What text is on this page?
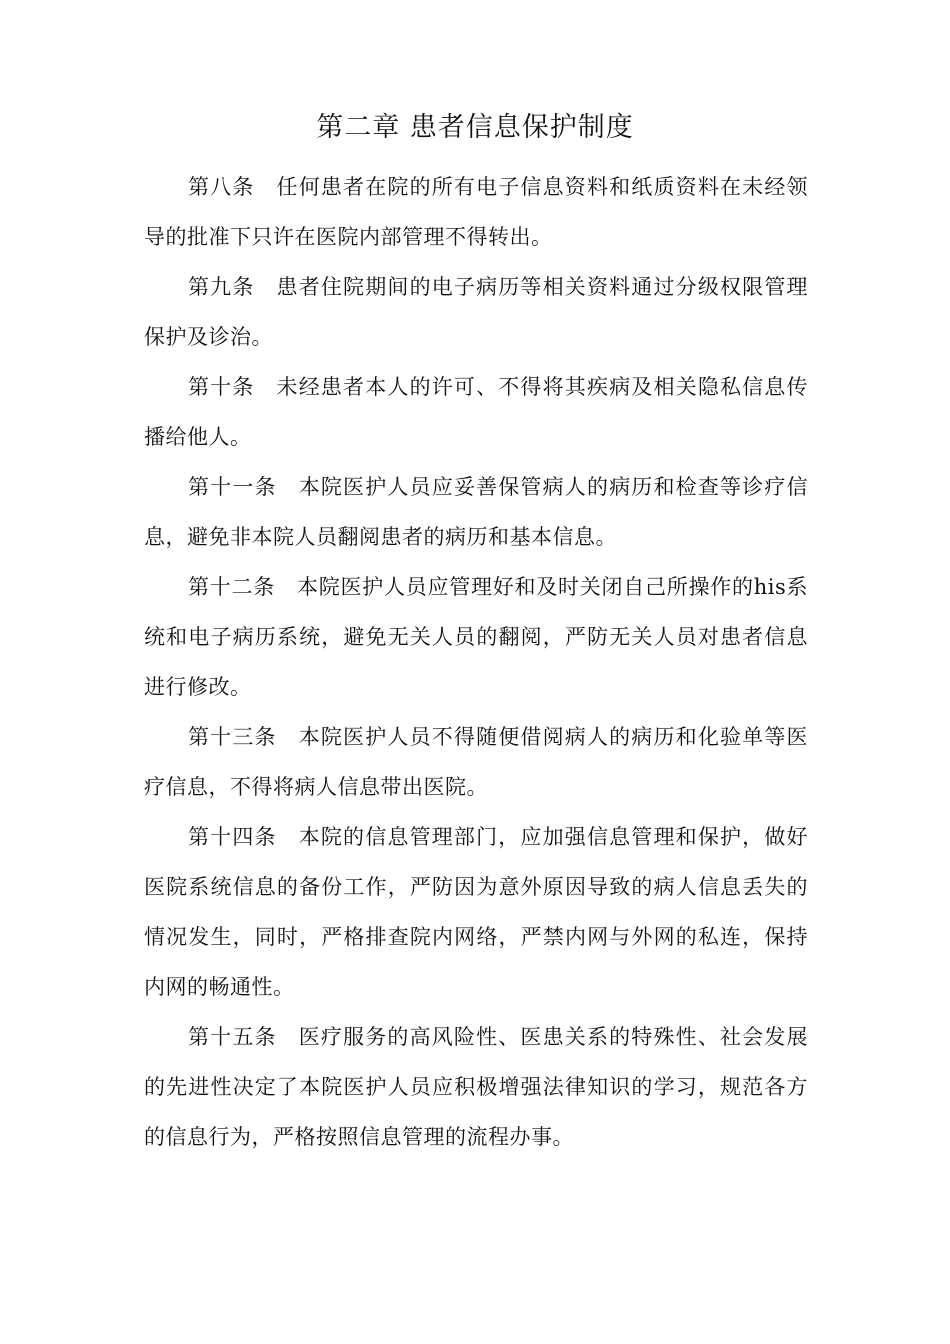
第二章 患者信息保护制度

第八条 任何患者在院的所有电子信息资料和纸质资料在未经领导的批准下只许在医院内部管理不得转出。

第九条 患者住院期间的电子病历等相关资料通过分级权限管理保护及诊治。

第十条 未经患者本人的许可、不得将其疾病及相关隐私信息传播给他人。

第十一条 本院医护人员应妥善保管病人的病历和检查等诊疗信息，避免非本院人员翻阅患者的病历和基本信息。

第十二条 本院医护人员应管理好和及时关闭自己所操作的his系统和电子病历系统，避免无关人员的翻阅，严防无关人员对患者信息进行修改。

第十三条 本院医护人员不得随便借阅病人的病历和化验单等医疗信息，不得将病人信息带出医院。

第十四条 本院的信息管理部门，应加强信息管理和保护，做好医院系统信息的备份工作，严防因为意外原因导致的病人信息丢失的情况发生，同时，严格排查院内网络，严禁内网与外网的私连，保持内网的畅通性。

第十五条 医疗服务的高风险性、医患关系的特殊性、社会发展的先进性决定了本院医护人员应积极增强法律知识的学习，规范各方的信息行为，严格按照信息管理的流程办事。
